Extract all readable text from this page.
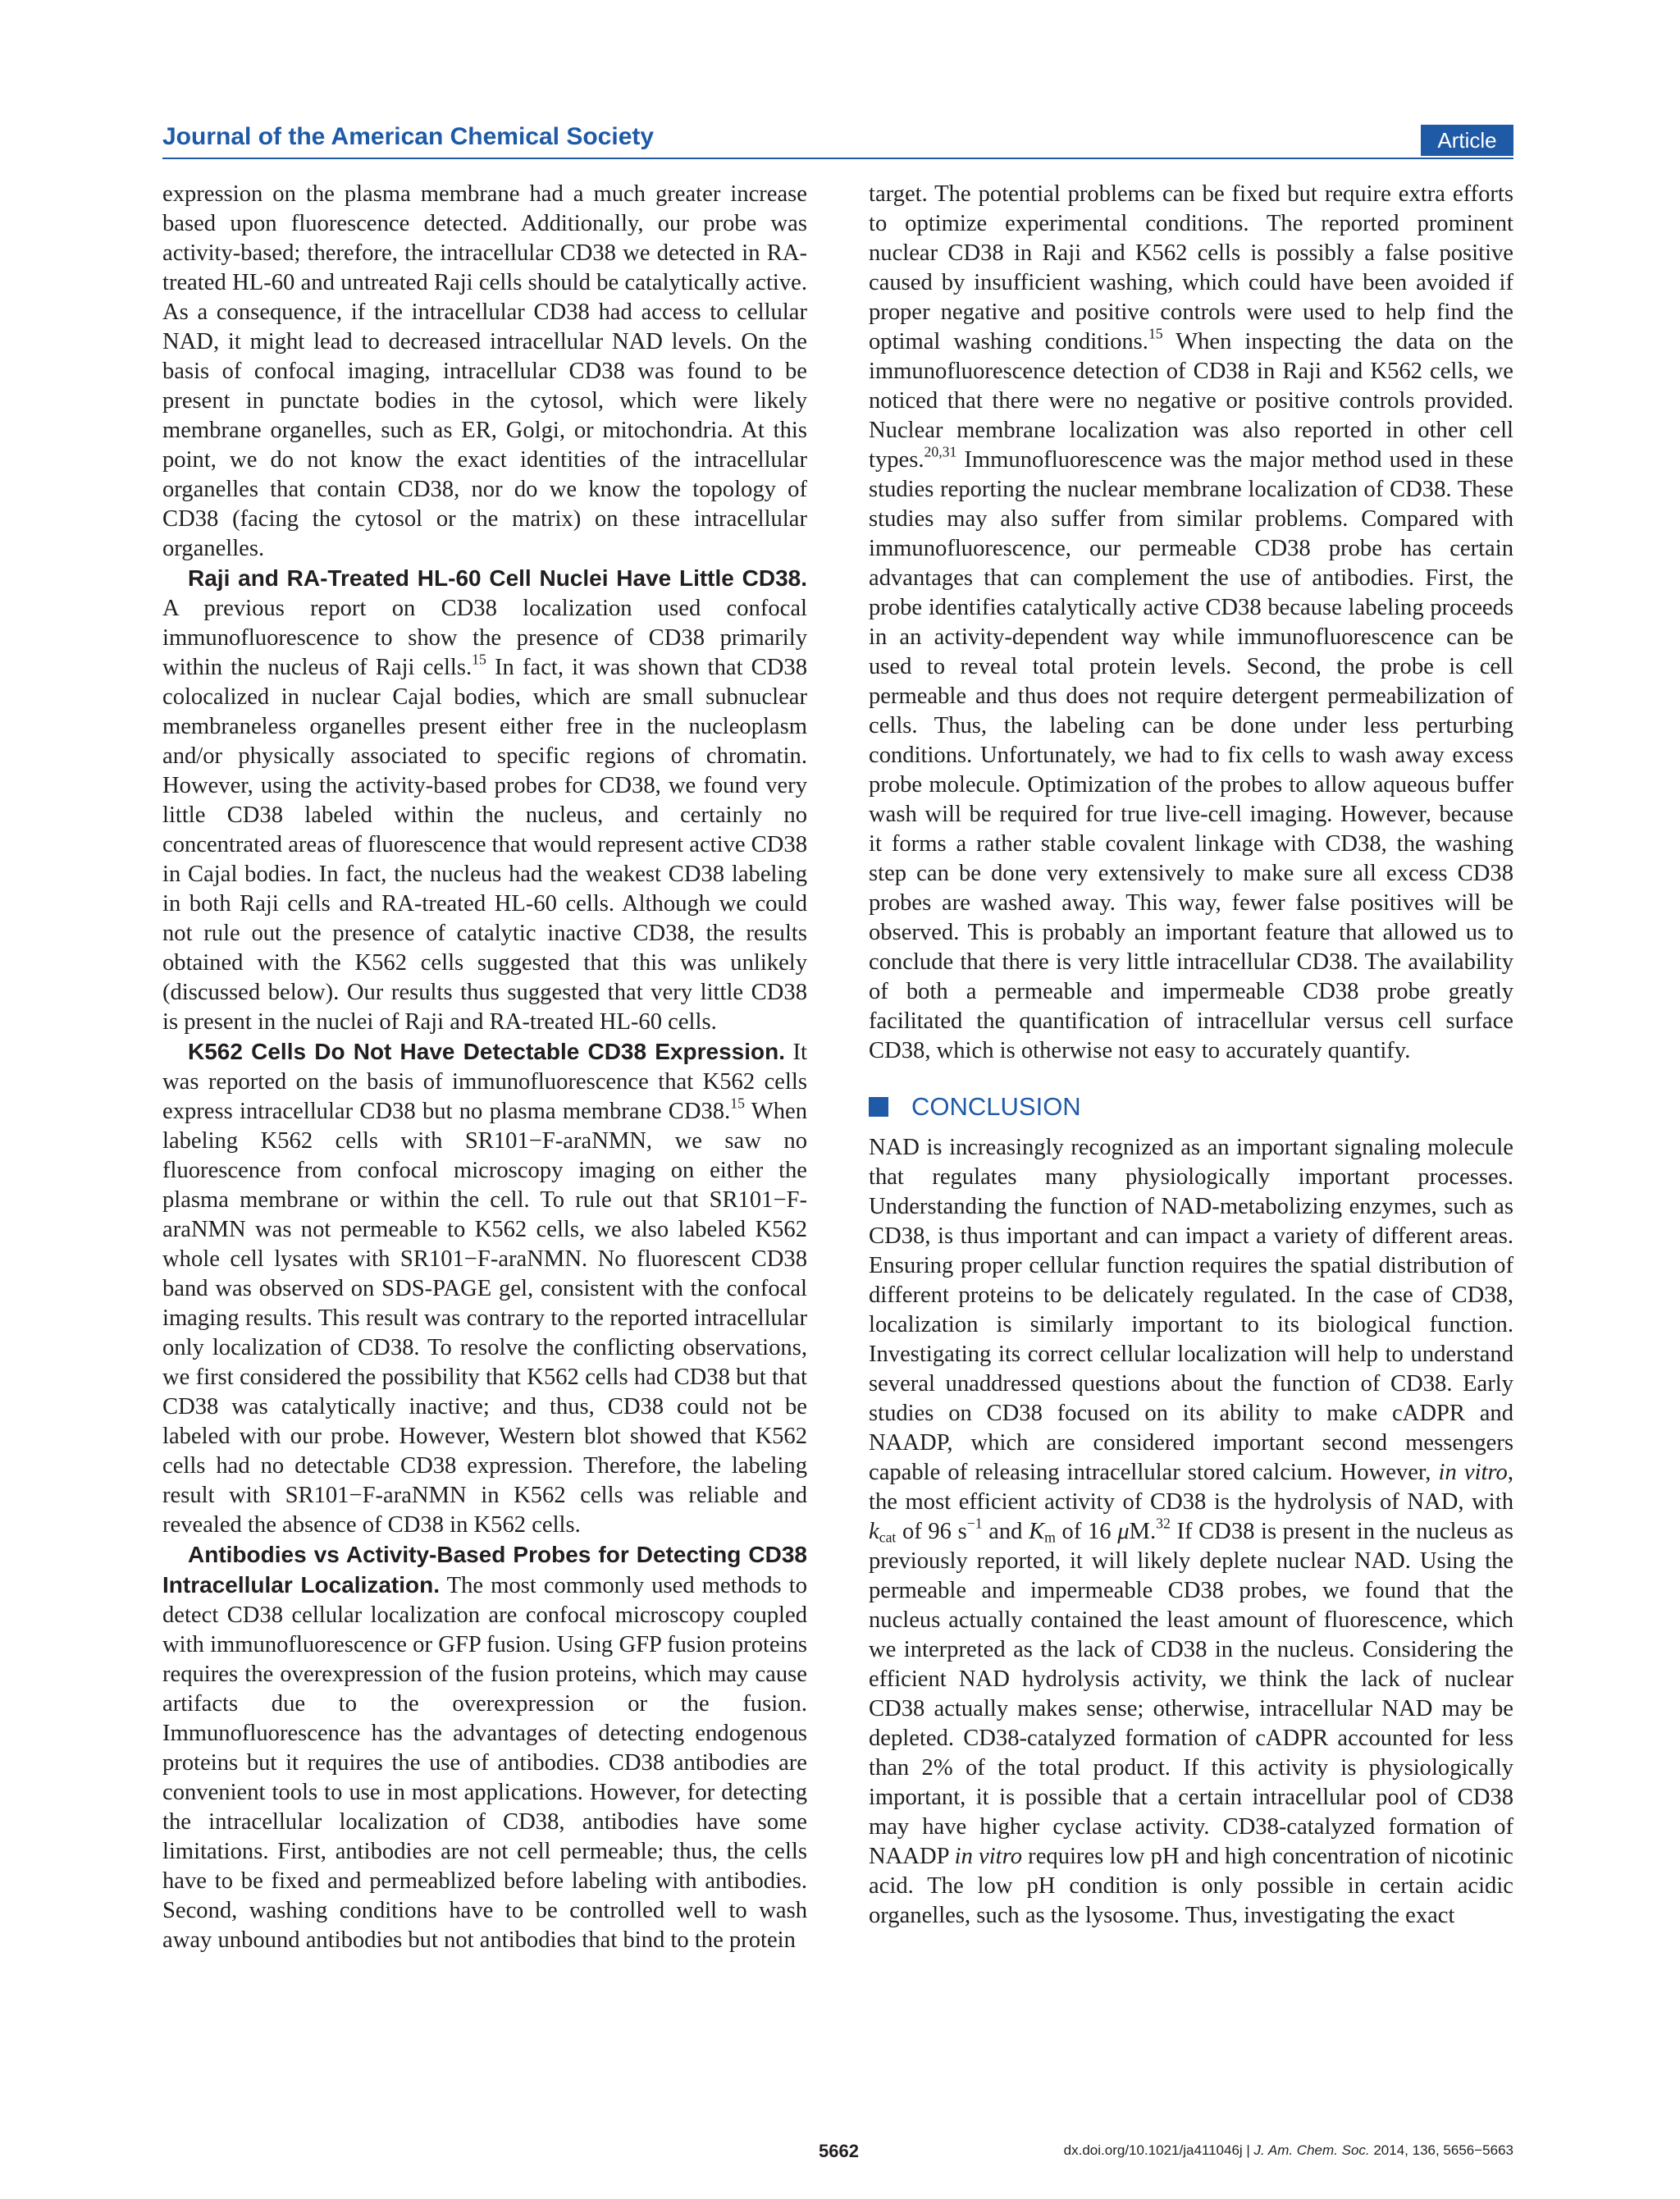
Journal of the American Chemical Society	Article

expression on the plasma membrane had a much greater increase based upon fluorescence detected. Additionally, our probe was activity-based; therefore, the intracellular CD38 we detected in RA-treated HL-60 and untreated Raji cells should be catalytically active. As a consequence, if the intracellular CD38 had access to cellular NAD, it might lead to decreased intracellular NAD levels. On the basis of confocal imaging, intracellular CD38 was found to be present in punctate bodies in the cytosol, which were likely membrane organelles, such as ER, Golgi, or mitochondria. At this point, we do not know the exact identities of the intracellular organelles that contain CD38, nor do we know the topology of CD38 (facing the cytosol or the matrix) on these intracellular organelles.

Raji and RA-Treated HL-60 Cell Nuclei Have Little CD38. A previous report on CD38 localization used confocal immunofluorescence to show the presence of CD38 primarily within the nucleus of Raji cells.$^{15}$ In fact, it was shown that CD38 colocalized in nuclear Cajal bodies, which are small subnuclear membraneless organelles present either free in the nucleoplasm and/or physically associated to specific regions of chromatin. However, using the activity-based probes for CD38, we found very little CD38 labeled within the nucleus, and certainly no concentrated areas of fluorescence that would represent active CD38 in Cajal bodies. In fact, the nucleus had the weakest CD38 labeling in both Raji cells and RA-treated HL-60 cells. Although we could not rule out the presence of catalytic inactive CD38, the results obtained with the K562 cells suggested that this was unlikely (discussed below). Our results thus suggested that very little CD38 is present in the nuclei of Raji and RA-treated HL-60 cells.

K562 Cells Do Not Have Detectable CD38 Expression. It was reported on the basis of immunofluorescence that K562 cells express intracellular CD38 but no plasma membrane CD38.15 When labeling K562 cells with SR101−F-araNMN, we saw no fluorescence from confocal microscopy imaging on either the plasma membrane or within the cell. To rule out that SR101−F-araNMN was not permeable to K562 cells, we also labeled K562 whole cell lysates with SR101−F-araNMN. No fluorescent CD38 band was observed on SDS-PAGE gel, consistent with the confocal imaging results. This result was contrary to the reported intracellular only localization of CD38. To resolve the conflicting observations, we first considered the possibility that K562 cells had CD38 but that CD38 was catalytically inactive; and thus, CD38 could not be labeled with our probe. However, Western blot showed that K562 cells had no detectable CD38 expression. Therefore, the labeling result with SR101−F-araNMN in K562 cells was reliable and revealed the absence of CD38 in K562 cells.

Antibodies vs Activity-Based Probes for Detecting CD38 Intracellular Localization. The most commonly used methods to detect CD38 cellular localization are confocal microscopy coupled with immunofluorescence or GFP fusion. Using GFP fusion proteins requires the overexpression of the fusion proteins, which may cause artifacts due to the overexpression or the fusion. Immunofluorescence has the advantages of detecting endogenous proteins but it requires the use of antibodies. CD38 antibodies are convenient tools to use in most applications. However, for detecting the intracellular localization of CD38, antibodies have some limitations. First, antibodies are not cell permeable; thus, the cells have to be fixed and permeablized before labeling with antibodies. Second, washing conditions have to be controlled well to wash away unbound antibodies but not antibodies that bind to the protein

target. The potential problems can be fixed but require extra efforts to optimize experimental conditions. The reported prominent nuclear CD38 in Raji and K562 cells is possibly a false positive caused by insufficient washing, which could have been avoided if proper negative and positive controls were used to help find the optimal washing conditions.$^{15}$ When inspecting the data on the immunofluorescence detection of CD38 in Raji and K562 cells, we noticed that there were no negative or positive controls provided. Nuclear membrane localization was also reported in other cell types.$^{20,31}$ Immunofluorescence was the major method used in these studies reporting the nuclear membrane localization of CD38. These studies may also suffer from similar problems. Compared with immunofluorescence, our permeable CD38 probe has certain advantages that can complement the use of antibodies. First, the probe identifies catalytically active CD38 because labeling proceeds in an activity-dependent way while immunofluorescence can be used to reveal total protein levels. Second, the probe is cell permeable and thus does not require detergent permeabilization of cells. Thus, the labeling can be done under less perturbing conditions. Unfortunately, we had to fix cells to wash away excess probe molecule. Optimization of the probes to allow aqueous buffer wash will be required for true live-cell imaging. However, because it forms a rather stable covalent linkage with CD38, the washing step can be done very extensively to make sure all excess CD38 probes are washed away. This way, fewer false positives will be observed. This is probably an important feature that allowed us to conclude that there is very little intracellular CD38. The availability of both a permeable and impermeable CD38 probe greatly facilitated the quantification of intracellular versus cell surface CD38, which is otherwise not easy to accurately quantify.

CONCLUSION

NAD is increasingly recognized as an important signaling molecule that regulates many physiologically important processes. Understanding the function of NAD-metabolizing enzymes, such as CD38, is thus important and can impact a variety of different areas. Ensuring proper cellular function requires the spatial distribution of different proteins to be delicately regulated. In the case of CD38, localization is similarly important to its biological function. Investigating its correct cellular localization will help to understand several unaddressed questions about the function of CD38. Early studies on CD38 focused on its ability to make cADPR and NAADP, which are considered important second messengers capable of releasing intracellular stored calcium. However, in vitro, the most efficient activity of CD38 is the hydrolysis of NAD, with $k_{cat}$ of 96 $s^{-1}$ and $K_m$ of 16 μM.$^{32}$ If CD38 is present in the nucleus as previously reported, it will likely deplete nuclear NAD. Using the permeable and impermeable CD38 probes, we found that the nucleus actually contained the least amount of fluorescence, which we interpreted as the lack of CD38 in the nucleus. Considering the efficient NAD hydrolysis activity, we think the lack of nuclear CD38 actually makes sense; otherwise, intracellular NAD may be depleted. CD38-catalyzed formation of cADPR accounted for less than 2% of the total product. If this activity is physiologically important, it is possible that a certain intracellular pool of CD38 may have higher cyclase activity. CD38-catalyzed formation of NAADP in vitro requires low pH and high concentration of nicotinic acid. The low pH condition is only possible in certain acidic organelles, such as the lysosome. Thus, investigating the exact

5662	dx.doi.org/10.1021/ja411046j | J. Am. Chem. Soc. 2014, 136, 5656−5663
